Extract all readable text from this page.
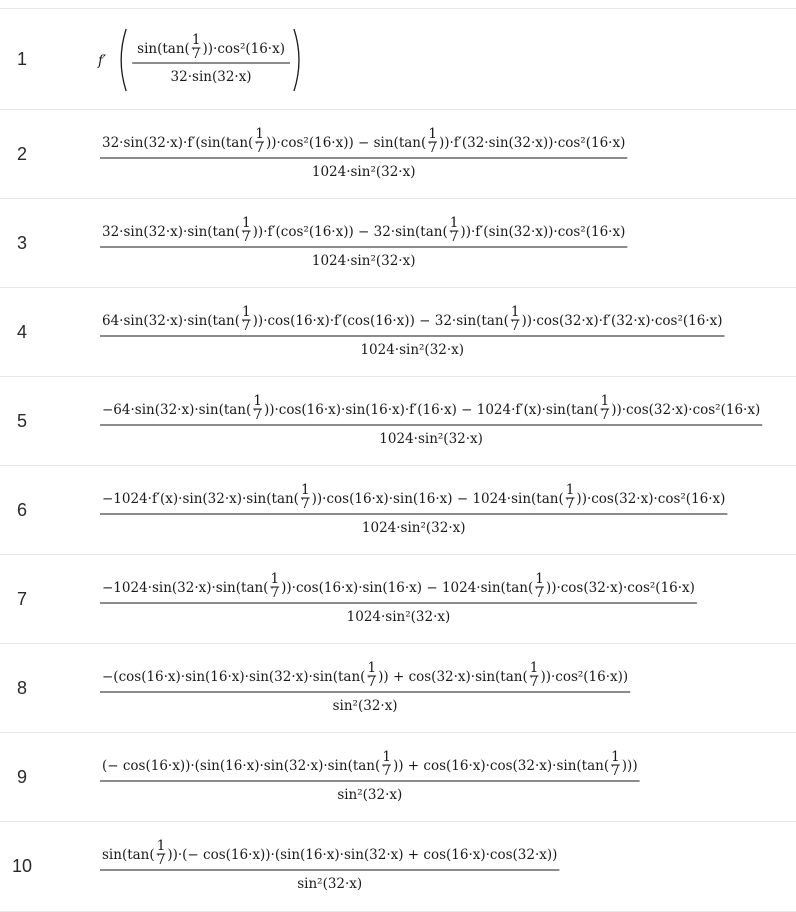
1	f′
sin(tan(
1
7 ))·cos²(16·x)
32·sin(32·x)
2
32·sin(32·x)·f′(sin(tan(
1
7 ))·cos²(16·x)) − sin(tan(
1
7 ))·f′(32·sin(32·x))·cos²(16·x)
1024·sin²(32·x)
3
32·sin(32·x)·sin(tan(
1
7 ))·f′(cos²(16·x)) − 32·sin(tan(
1
7 ))·f′(sin(32·x))·cos²(16·x)
1024·sin²(32·x)
4
64·sin(32·x)·sin(tan(
1
7 ))·cos(16·x)·f′(cos(16·x)) − 32·sin(tan(
1
7 ))·cos(32·x)·f′(32·x)·cos²(16·x)
1024·sin²(32·x)
5
−64·sin(32·x)·sin(tan(
1
7 ))·cos(16·x)·sin(16·x)·f′(16·x) − 1024·f′(x)·sin(tan(
1
7 ))·cos(32·x)·cos²(16·x)
1024·sin²(32·x)
6
−1024·f′(x)·sin(32·x)·sin(tan(
1
7 ))·cos(16·x)·sin(16·x) − 1024·sin(tan(
1
7 ))·cos(32·x)·cos²(16·x)
1024·sin²(32·x)
7
−1024·sin(32·x)·sin(tan(
1
7 ))·cos(16·x)·sin(16·x) − 1024·sin(tan(
1
7 ))·cos(32·x)·cos²(16·x)
1024·sin²(32·x)
8
−(cos(16·x)·sin(16·x)·sin(32·x)·sin(tan(
1
7 )) + cos(32·x)·sin(tan(
1
7 ))·cos²(16·x))
sin²(32·x)
9
(− cos(16·x))·(sin(16·x)·sin(32·x)·sin(tan(
1
7 )) + cos(16·x)·cos(32·x)·sin(tan(
1
7 )))
sin²(32·x)
10
sin(tan(
1
7 ))·(− cos(16·x))·(sin(16·x)·sin(32·x) + cos(16·x)·cos(32·x))
sin²(32·x)
